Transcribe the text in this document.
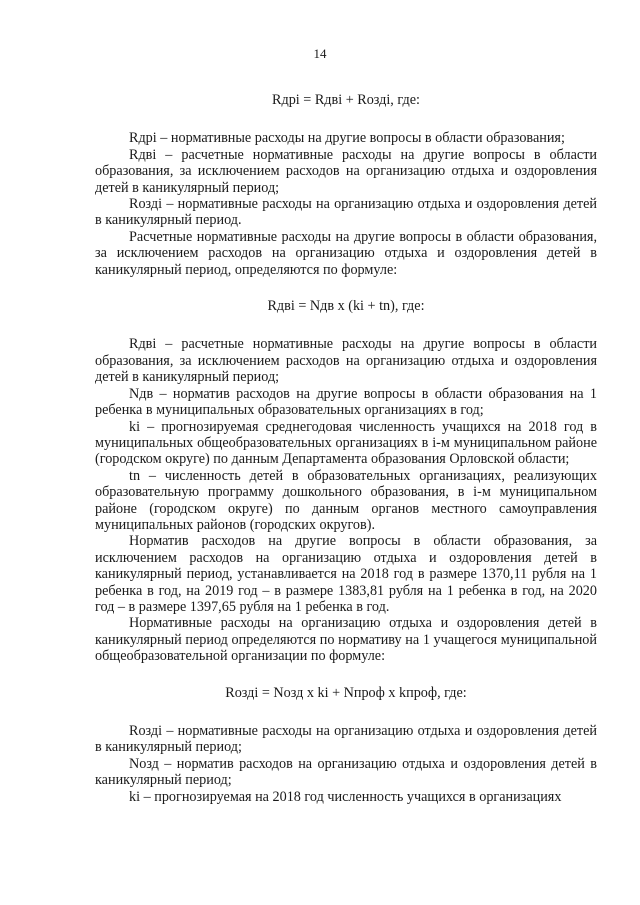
14

Rдрi = Rдвi + Rоздi, где:

Rдрi – нормативные расходы на другие вопросы в области образования;

Rдвi – расчетные нормативные расходы на другие вопросы в области образования, за исключением расходов на организацию отдыха и оздоровления детей в каникулярный период;

Rоздi – нормативные расходы на организацию отдыха и оздоровления детей в каникулярный период.

Расчетные нормативные расходы на другие вопросы в области образования, за исключением расходов на организацию отдыха и оздоровления детей в каникулярный период, определяются по формуле:

Rдвi = Nдв х (ki + tn), где:

Rдвi – расчетные нормативные расходы на другие вопросы в области образования, за исключением расходов на организацию отдыха и оздоровления детей в каникулярный период;

Nдв – норматив расходов на другие вопросы в области образования на 1 ребенка в муниципальных образовательных организациях в год;

ki – прогнозируемая среднегодовая численность учащихся на 2018 год в муниципальных общеобразовательных организациях в i-м муниципальном районе (городском округе) по данным Департамента образования Орловской области;

tn – численность детей в образовательных организациях, реализующих образовательную программу дошкольного образования, в i-м муниципальном районе (городском округе) по данным органов местного самоуправления муниципальных районов (городских округов).

Норматив расходов на другие вопросы в области образования, за исключением расходов на организацию отдыха и оздоровления детей в каникулярный период, устанавливается на 2018 год в размере 1370,11 рубля на 1 ребенка в год, на 2019 год – в размере 1383,81 рубля на 1 ребенка в год, на 2020 год – в размере 1397,65 рубля на 1 ребенка в год.

Нормативные расходы на организацию отдыха и оздоровления детей в каникулярный период определяются по нормативу на 1 учащегося муниципальной общеобразовательной организации по формуле:

Rоздi = Nозд х ki + Nпроф х kпроф, где:

Rоздi – нормативные расходы на организацию отдыха и оздоровления детей в каникулярный период;

Nозд – норматив расходов на организацию отдыха и оздоровления детей в каникулярный период;

ki – прогнозируемая на 2018 год численность учащихся в организациях
